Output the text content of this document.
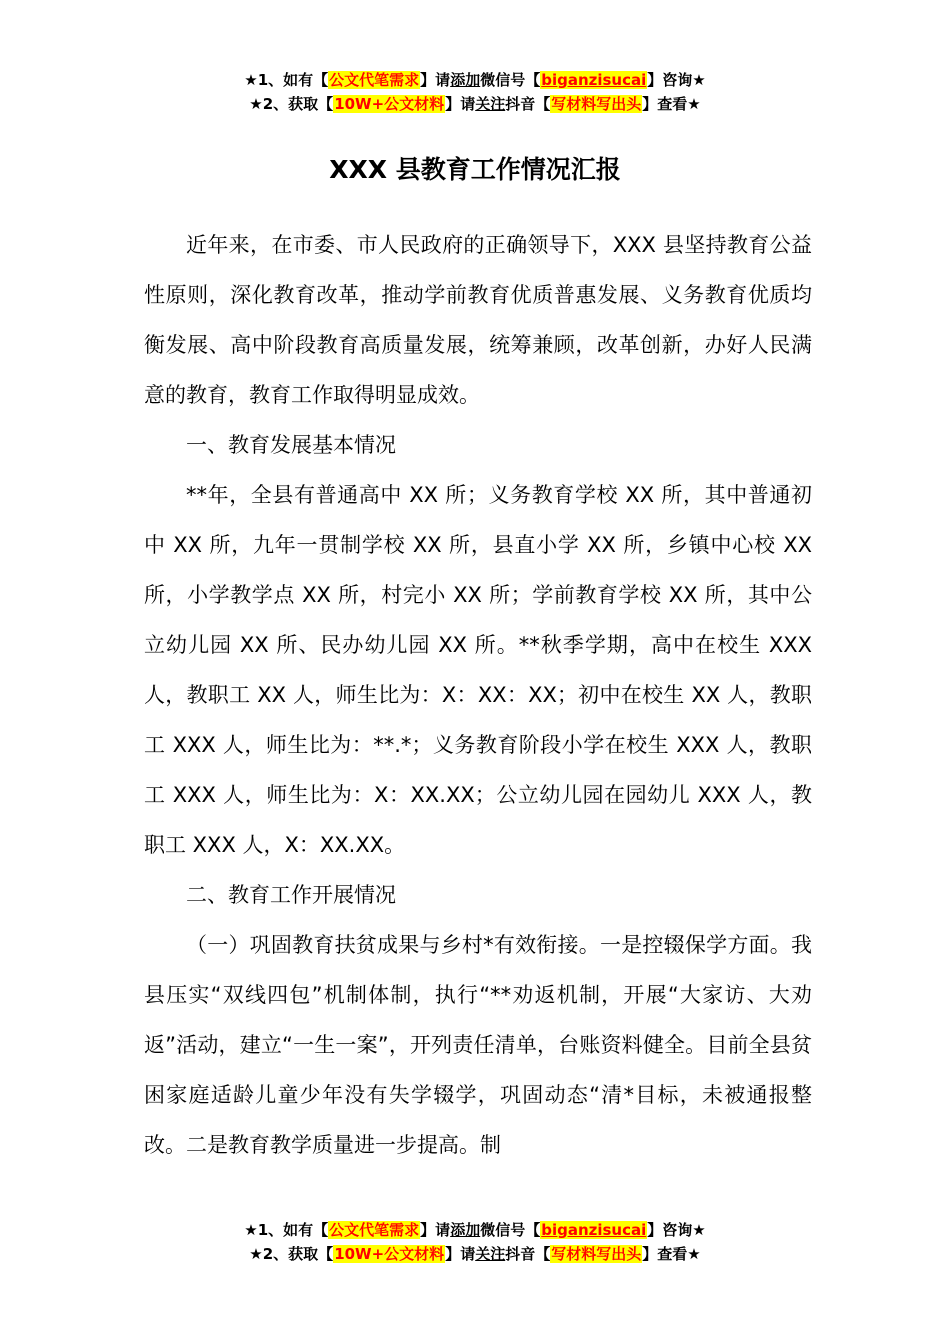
★1、如有【公文代笔需求】请添加微信号【biganzisucai】咨询★
★2、获取【10W+公文材料】请关注抖音【写材料写出头】查看★
XXX 县教育工作情况汇报

近年来，在市委、市人民政府的正确领导下，XXX 县坚持教育公益性原则，深化教育改革，推动学前教育优质普惠发展、义务教育优质均衡发展、高中阶段教育高质量发展，统筹兼顾，改革创新，办好人民满意的教育，教育工作取得明显成效。

一、教育发展基本情况

**年，全县有普通高中 XX 所；义务教育学校 XX 所，其中普通初中 XX 所，九年一贯制学校 XX 所，县直小学 XX 所，乡镇中心校 XX 所，小学教学点 XX 所，村完小 XX 所；学前教育学校 XX 所，其中公立幼儿园 XX 所、民办幼儿园 XX 所。**秋季学期，高中在校生 XXX 人，教职工 XX 人，师生比为：X：XX：XX；初中在校生 XX 人，教职工 XXX 人，师生比为：**.*；义务教育阶段小学在校生 XXX 人，教职工 XXX 人，师生比为：X：XX.XX；公立幼儿园在园幼儿 XXX 人，教职工 XXX 人，X：XX.XX。

二、教育工作开展情况

（一）巩固教育扶贫成果与乡村*有效衔接。一是控辍保学方面。我县压实“双线四包”机制体制，执行“**劝返机制，开展“大家访、大劝返”活动，建立“一生一案”，开列责任清单，台账资料健全。目前全县贫困家庭适龄儿童少年没有失学辍学，巩固动态“清*目标，未被通报整改。二是教育教学质量进一步提高。制

★1、如有【公文代笔需求】请添加微信号【biganzisucai】咨询★
★2、获取【10W+公文材料】请关注抖音【写材料写出头】查看★
